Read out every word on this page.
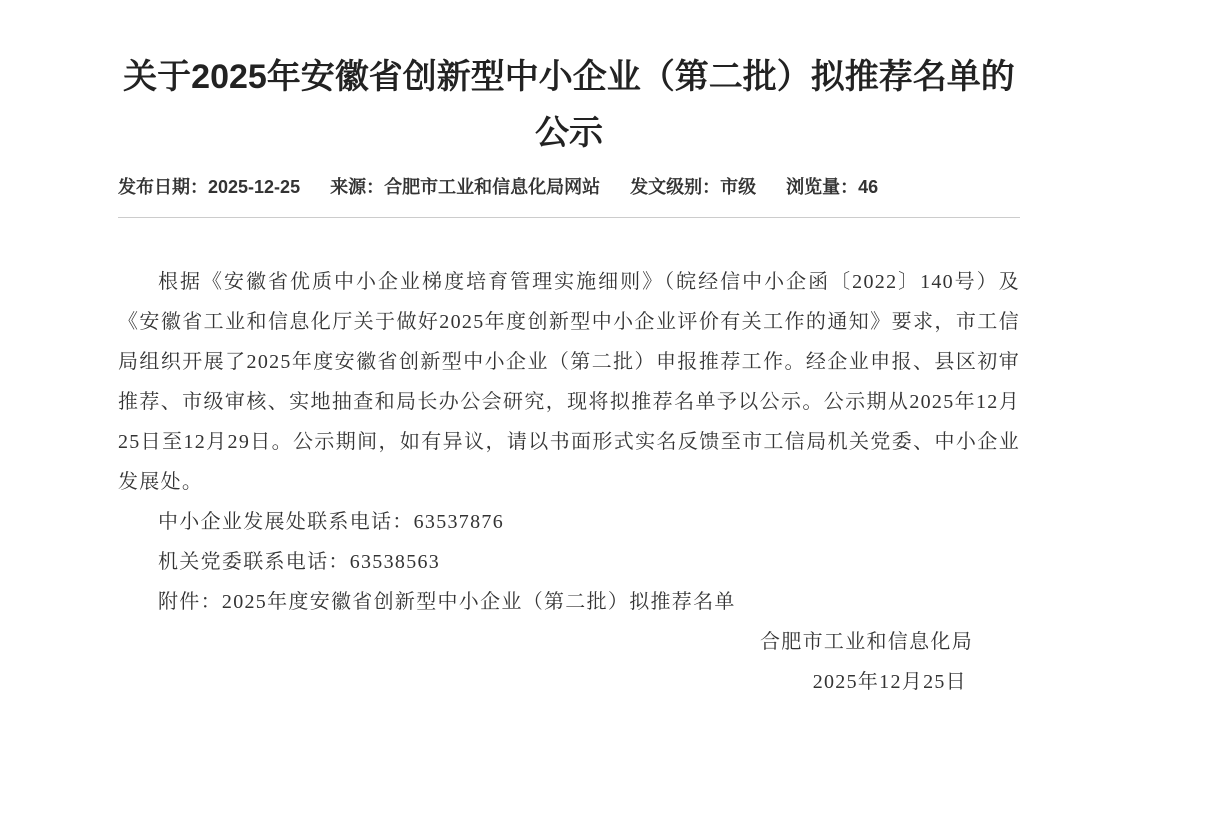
关于2025年安徽省创新型中小企业（第二批）拟推荐名单的公示
发布日期： 2025-12-25 来源： 合肥市工业和信息化局网站 发文级别： 市级 浏览量： 46

根据《安徽省优质中小企业梯度培育管理实施细则》（皖经信中小企函〔2022〕140号）及《安徽省工业和信息化厅关于做好2025年度创新型中小企业评价有关工作的通知》要求，市工信局组织开展了2025年度安徽省创新型中小企业（第二批）申报推荐工作。经企业申报、县区初审推荐、市级审核、实地抽查和局长办公会研究，现将拟推荐名单予以公示。公示期从2025年12月25日至12月29日。公示期间，如有异议，请以书面形式实名反馈至市工信局机关党委、中小企业发展处。

中小企业发展处联系电话：63537876

机关党委联系电话：63538563

附件：2025年度安徽省创新型中小企业（第二批）拟推荐名单

合肥市工业和信息化局

2025年12月25日
